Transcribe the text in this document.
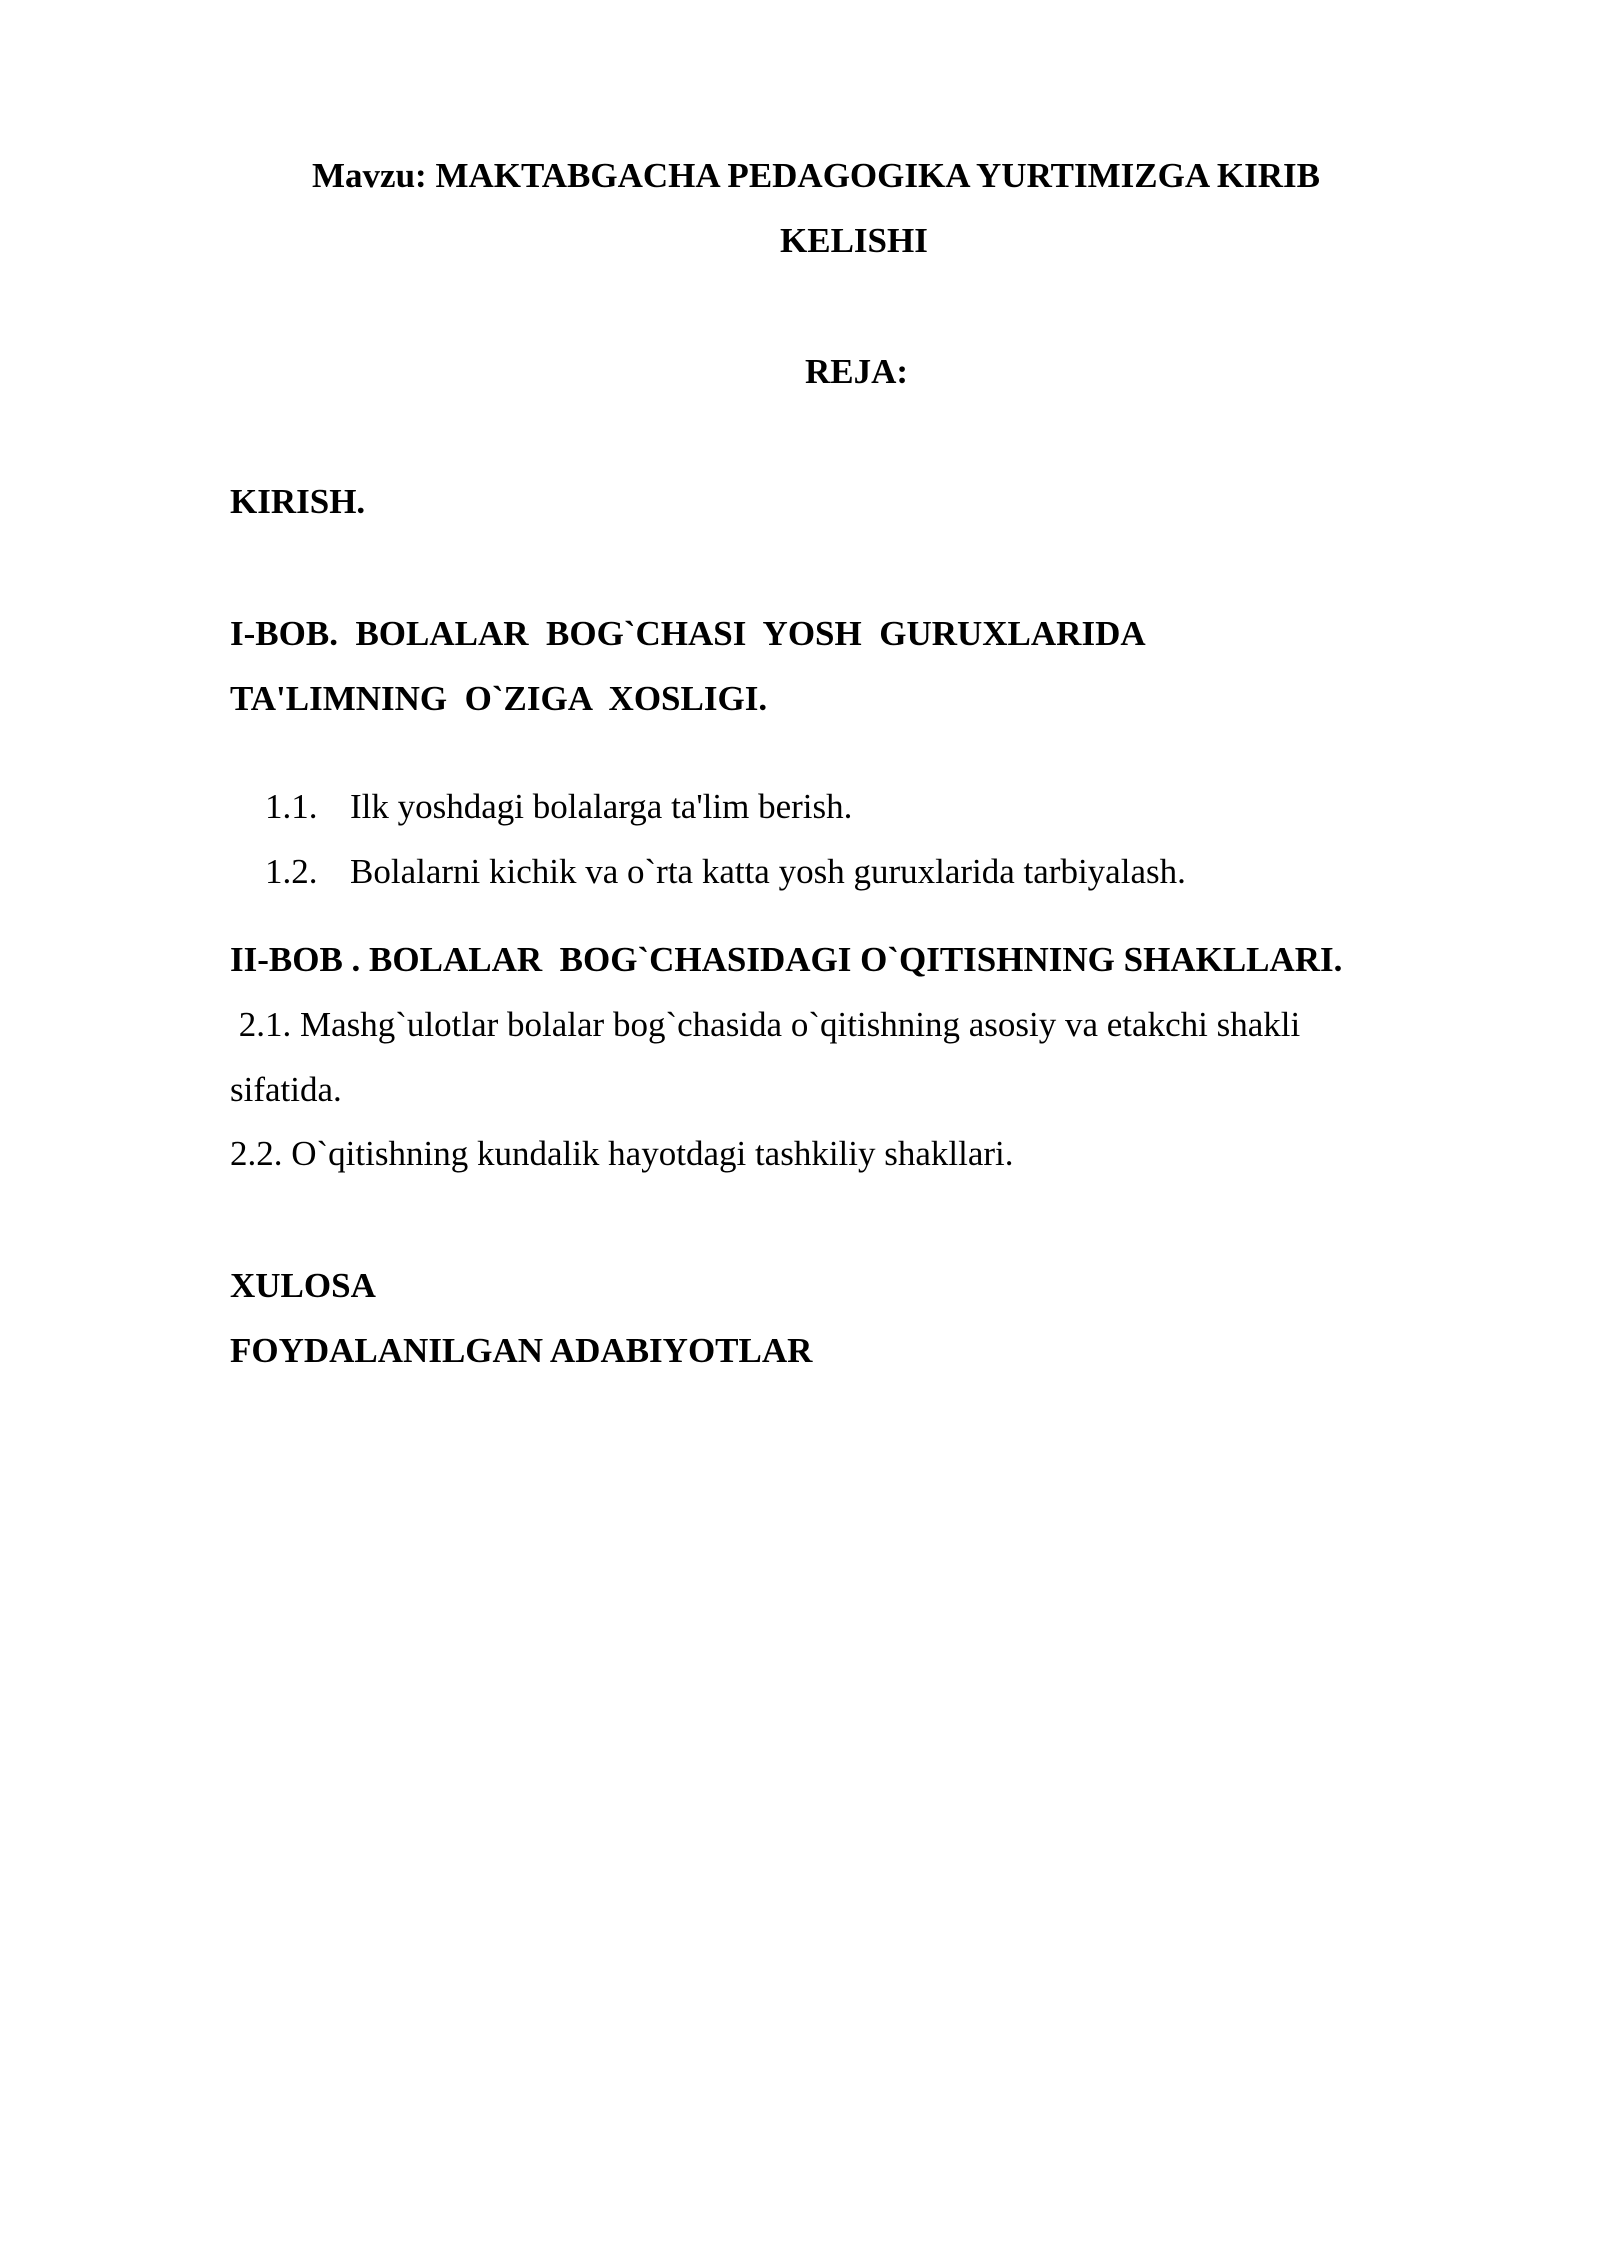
Mavzu: MAKTABGACHA PEDAGOGIKA YURTIMIZGA KIRIB
KELISHI
REJA:
KIRISH.
I-BOB.  BOLALAR  BOG`CHASI  YOSH  GURUXLARIDA
TA'LIMNING  O`ZIGA  XOSLIGI.

1.1. Ilk yoshdagi bolalarga ta'lim berish.

1.2. Bolalarni kichik va o`rta katta yosh guruxlarida tarbiyalash.

II-BOB . BOLALAR  BOG`CHASIDAGI O`QITISHNING SHAKLLARI.
2.1. Mashg`ulotlar bolalar bog`chasida o`qitishning asosiy va etakchi shakli
sifatida.
2.2. O`qitishning kundalik hayotdagi tashkiliy shakllari.
XULOSA
FOYDALANILGAN ADABIYOTLAR
